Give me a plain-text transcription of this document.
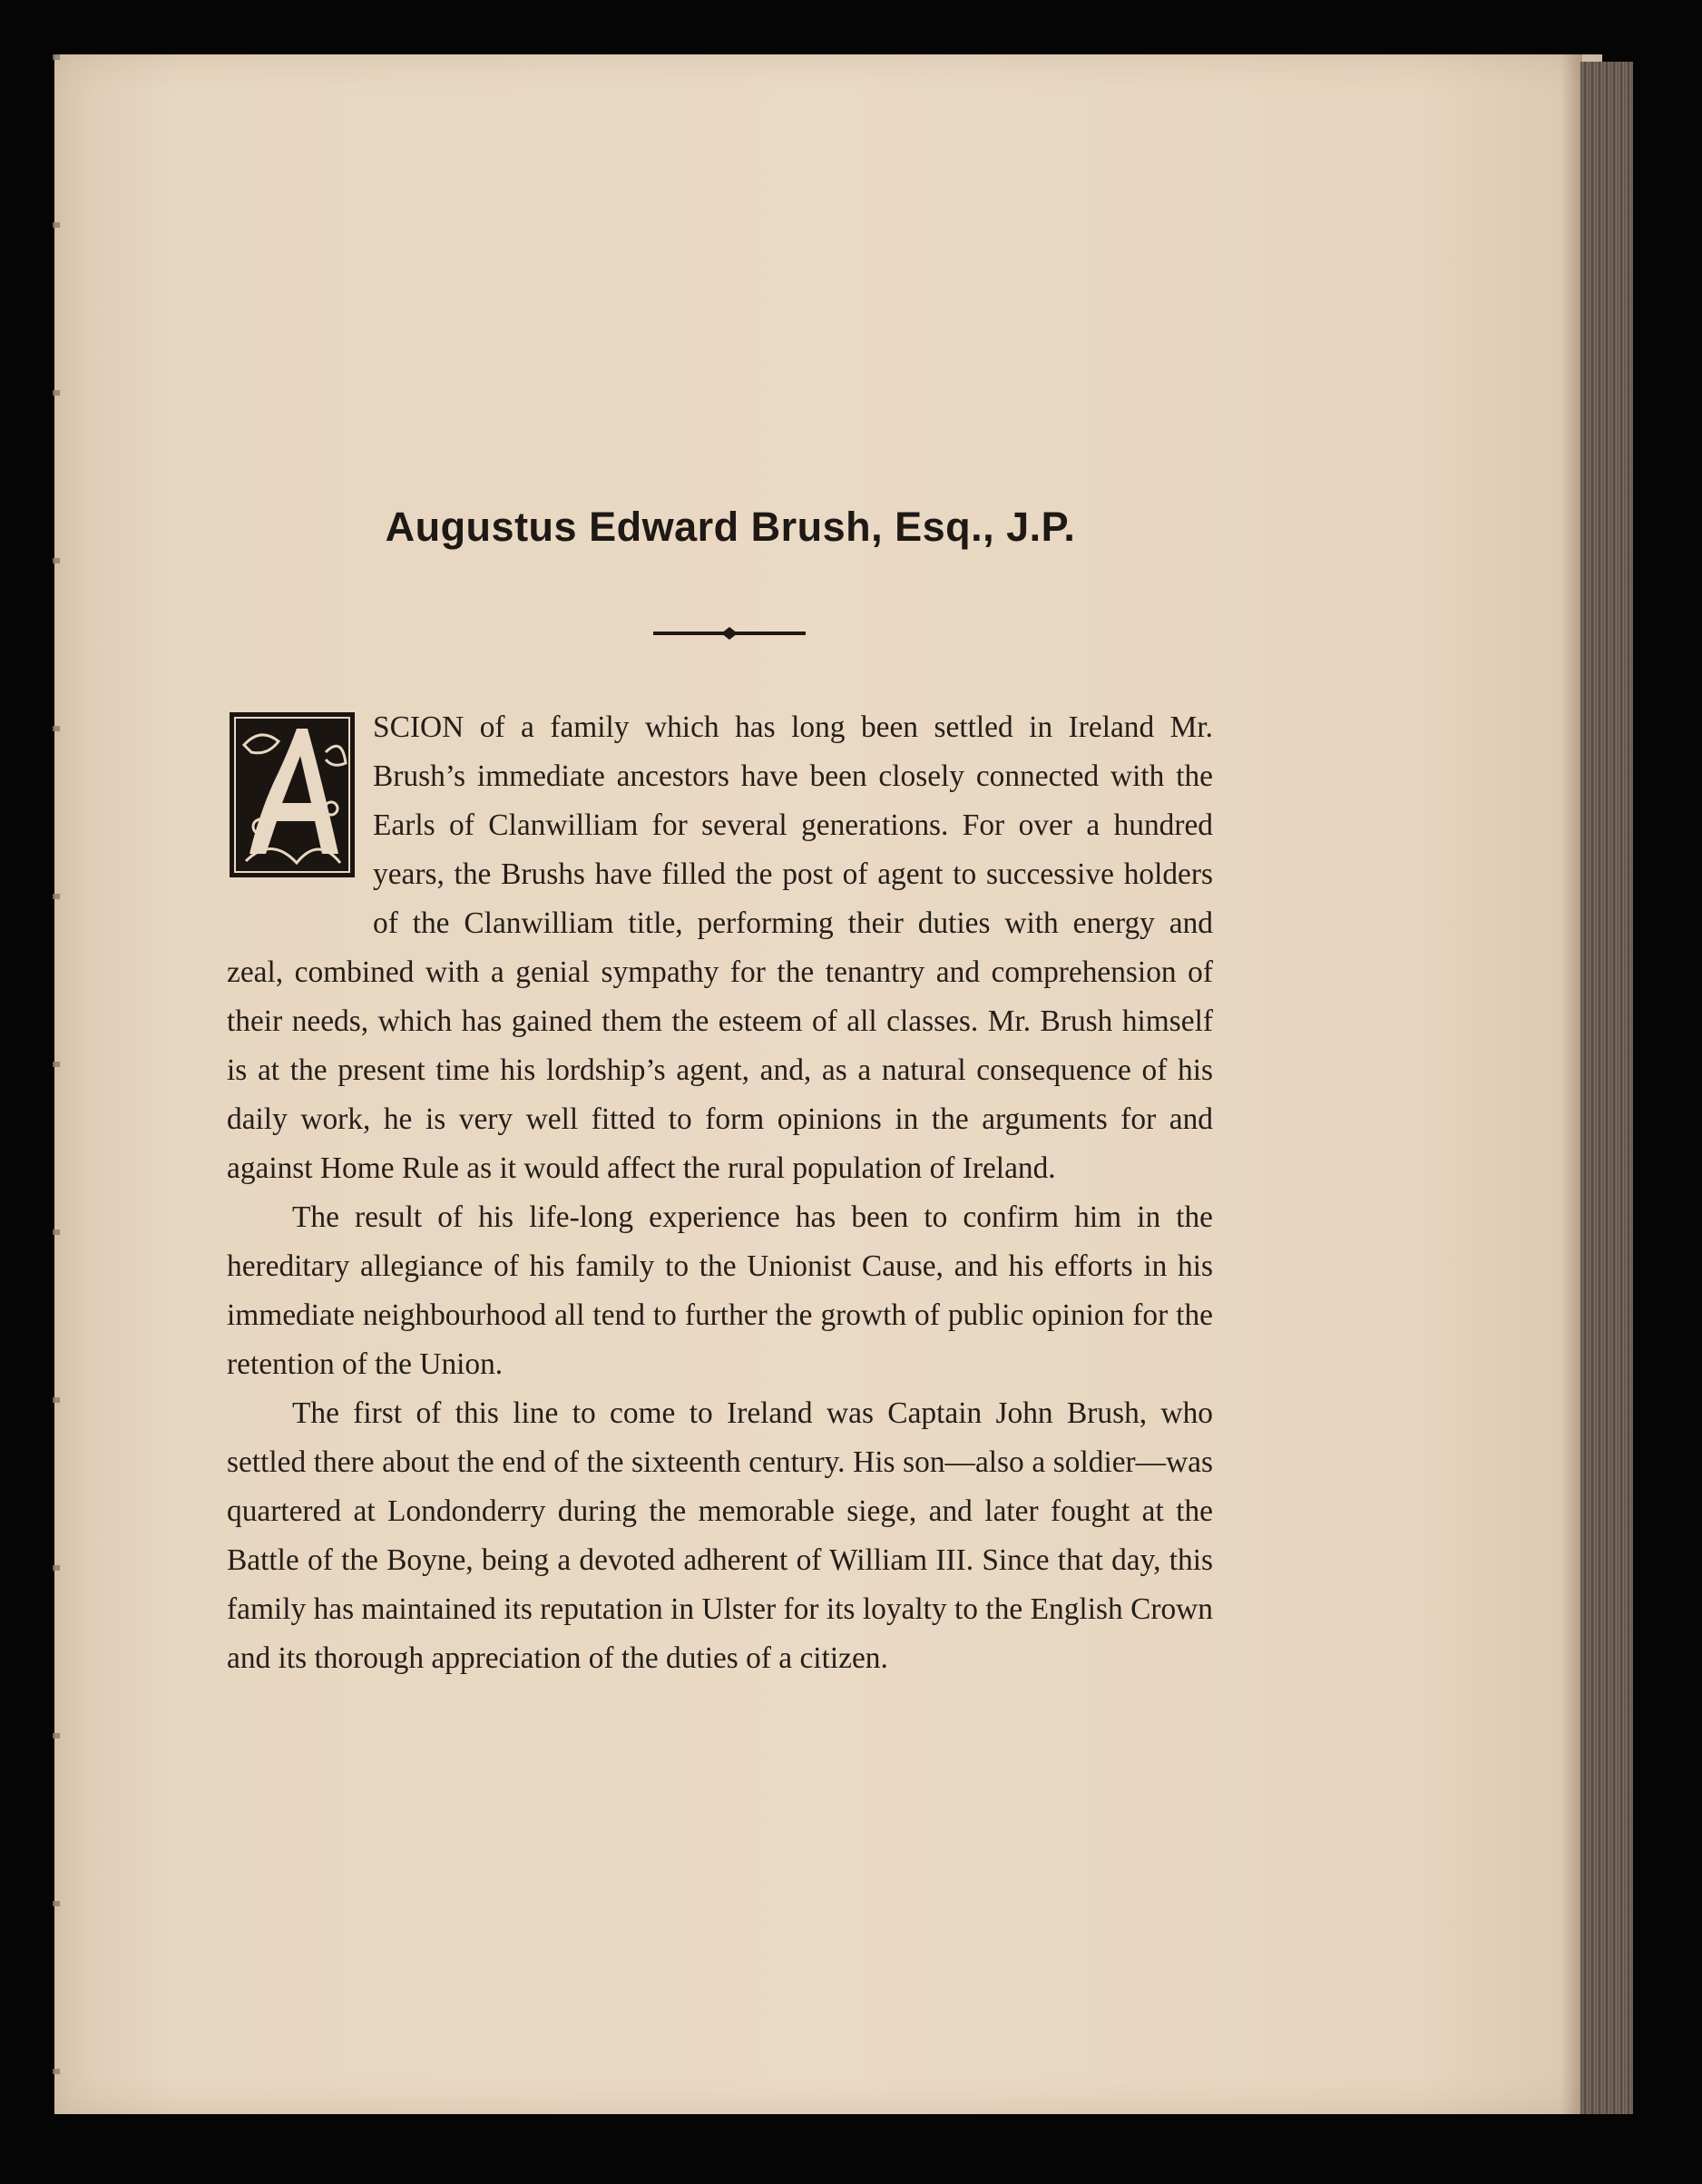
Augustus Edward Brush, Esq., J.P.

SCION of a family which has long been settled in Ireland Mr. Brush’s immediate ancestors have been closely connected with the Earls of Clanwilliam for several generations. For over a hundred years, the Brushs have filled the post of agent to successive holders of the Clanwilliam title, performing their duties with energy and zeal, combined with a genial sympathy for the tenantry and comprehension of their needs, which has gained them the esteem of all classes. Mr. Brush himself is at the present time his lordship’s agent, and, as a natural consequence of his daily work, he is very well fitted to form opinions in the arguments for and against Home Rule as it would affect the rural population of Ireland.

The result of his life-long experience has been to confirm him in the hereditary allegiance of his family to the Unionist Cause, and his efforts in his immediate neighbourhood all tend to further the growth of public opinion for the retention of the Union.

The first of this line to come to Ireland was Captain John Brush, who settled there about the end of the sixteenth century. His son—also a soldier—was quartered at Londonderry during the memorable siege, and later fought at the Battle of the Boyne, being a devoted adherent of William III. Since that day, this family has maintained its reputation in Ulster for its loyalty to the English Crown and its thorough appreciation of the duties of a citizen.
